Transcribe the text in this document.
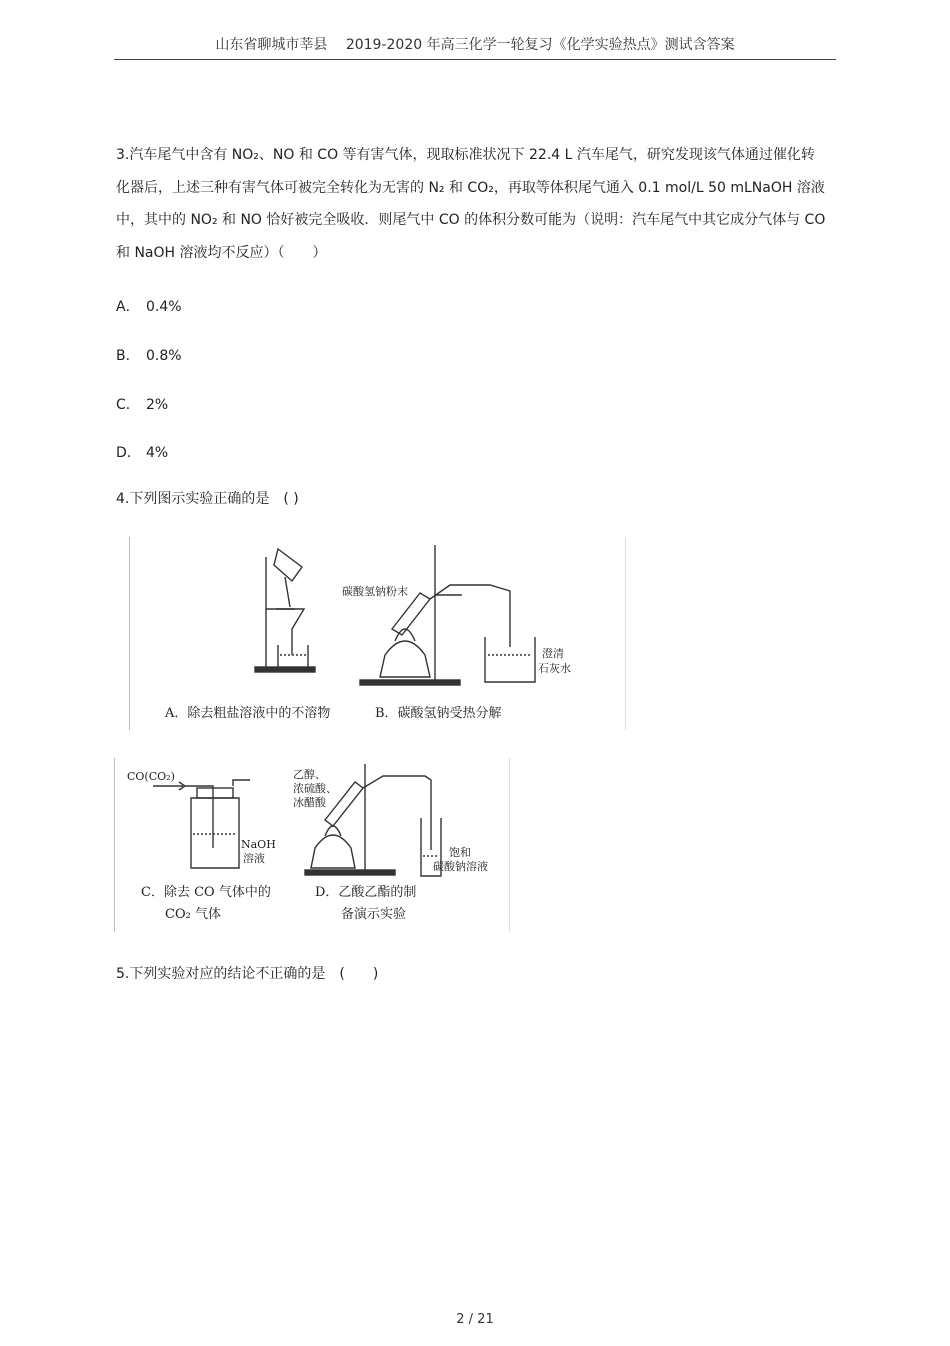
山东省聊城市莘县　 2019-2020 年高三化学一轮复习《化学实验热点》测试含答案
3.汽车尾气中含有 NO₂、NO 和 CO 等有害气体，现取标准状况下 22.4 L 汽车尾气，研究发现该气体通过催化转化器后，上述三种有害气体可被完全转化为无害的 N₂ 和 CO₂，再取等体积尾气通入 0.1 mol/L 50 mLNaOH 溶液中，其中的 NO₂ 和 NO 恰好被完全吸收．则尾气中 CO 的体积分数可能为（说明：汽车尾气中其它成分气体与 CO 和 NaOH 溶液均不反应）（　　）
A． 0.4%
B． 0.8%
C． 2%
D． 4%
4.下列图示实验正确的是　( )
碳酸氢钠粉末
澄清
石灰水
A．除去粗盐溶液中的不溶物	B．碳酸氢钠受热分解
CO(CO₂)
NaOH
溶液
乙醇、
浓硫酸、
冰醋酸
饱和
碳酸钠溶液
C．除去 CO 气体中的
CO₂ 气体
D．乙酸乙酯的制
备演示实验
5.下列实验对应的结论不正确的是　(　　)
2 / 21
